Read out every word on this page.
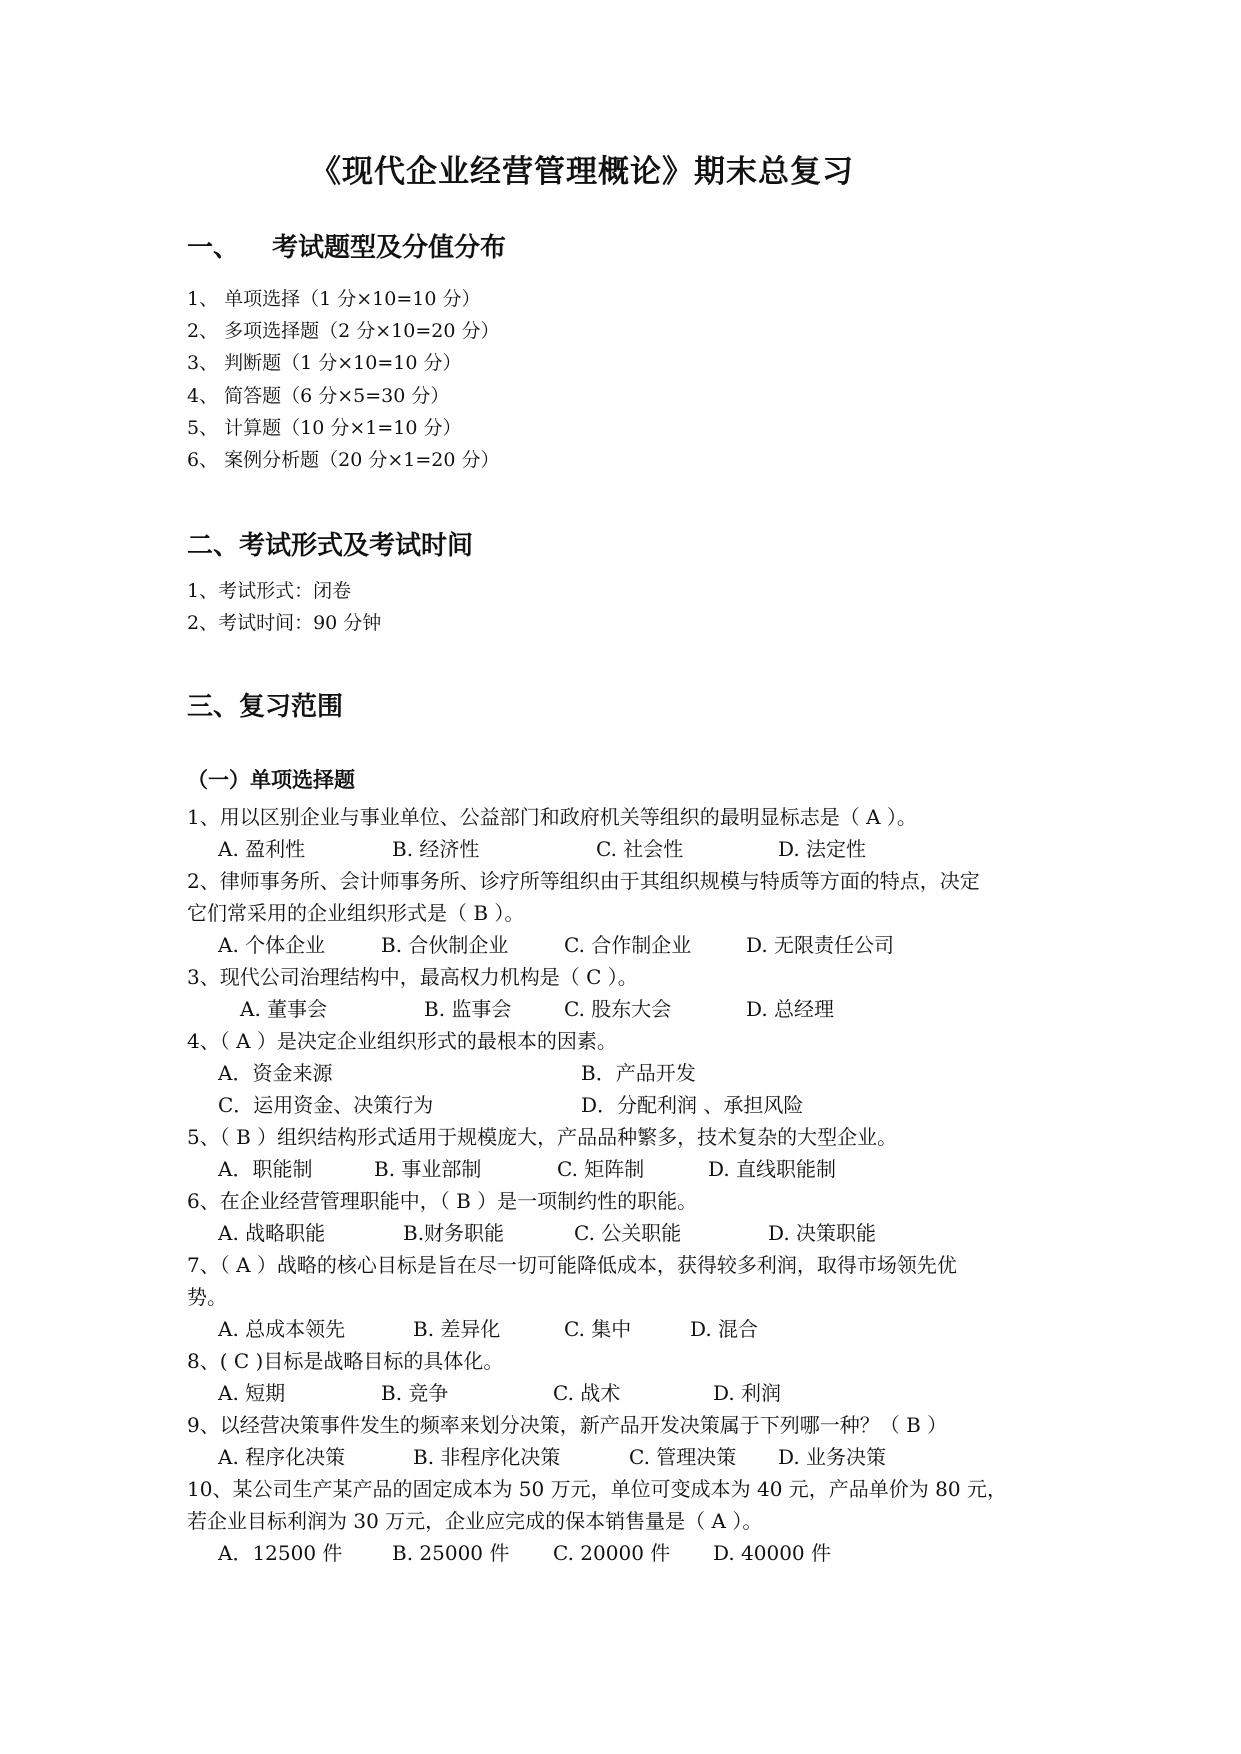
《现代企业经营管理概论》期末总复习
一、 考试题型及分值分布
1、 单项选择（1 分×10=10 分）
2、 多项选择题（2 分×10=20 分）
3、 判断题（1 分×10=10 分）
4、 简答题（6 分×5=30 分）
5、 计算题（10 分×1=10 分）
6、 案例分析题（20 分×1=20 分）
二、考试形式及考试时间
1、考试形式：闭卷
2、考试时间：90 分钟
三、复习范围
（一）单项选择题
1、用以区别企业与事业单位、公益部门和政府机关等组织的最明显标志是（ A ）。
A. 盈利性	B. 经济性	C. 社会性	D. 法定性
2、律师事务所、会计师事务所、诊疗所等组织由于其组织规模与特质等方面的特点，决定
它们常采用的企业组织形式是（ B ）。
A. 个体企业	B. 合伙制企业	C. 合作制企业	D. 无限责任公司
3、现代公司治理结构中，最高权力机构是（ C ）。
A. 董事会	B. 监事会	C. 股东大会	D. 总经理
4、（ A ）是决定企业组织形式的最根本的因素。
A．资金来源	B．产品开发
C．运用资金、决策行为	D．分配利润 、承担风险
5、（ B ）组织结构形式适用于规模庞大，产品品种繁多，技术复杂的大型企业。
A．职能制	B. 事业部制	C. 矩阵制	D. 直线职能制
6、在企业经营管理职能中，（ B ）是一项制约性的职能。
A. 战略职能	B.财务职能	C. 公关职能	D. 决策职能
7、（ A ）战略的核心目标是旨在尽一切可能降低成本，获得较多利润，取得市场领先优
势。
A. 总成本领先	B. 差异化	C. 集中	D. 混合
8、( C )目标是战略目标的具体化。
A. 短期	B. 竞争	C. 战术	D. 利润
9、以经营决策事件发生的频率来划分决策，新产品开发决策属于下列哪一种？（ B ）
A. 程序化决策	B. 非程序化决策	C. 管理决策 D. 业务决策
10、某公司生产某产品的固定成本为 50 万元，单位可变成本为 40 元，产品单价为 80 元，
若企业目标利润为 30 万元，企业应完成的保本销售量是（ A ）。
A．12500 件 B. 25000 件 C. 20000 件 D. 40000 件
